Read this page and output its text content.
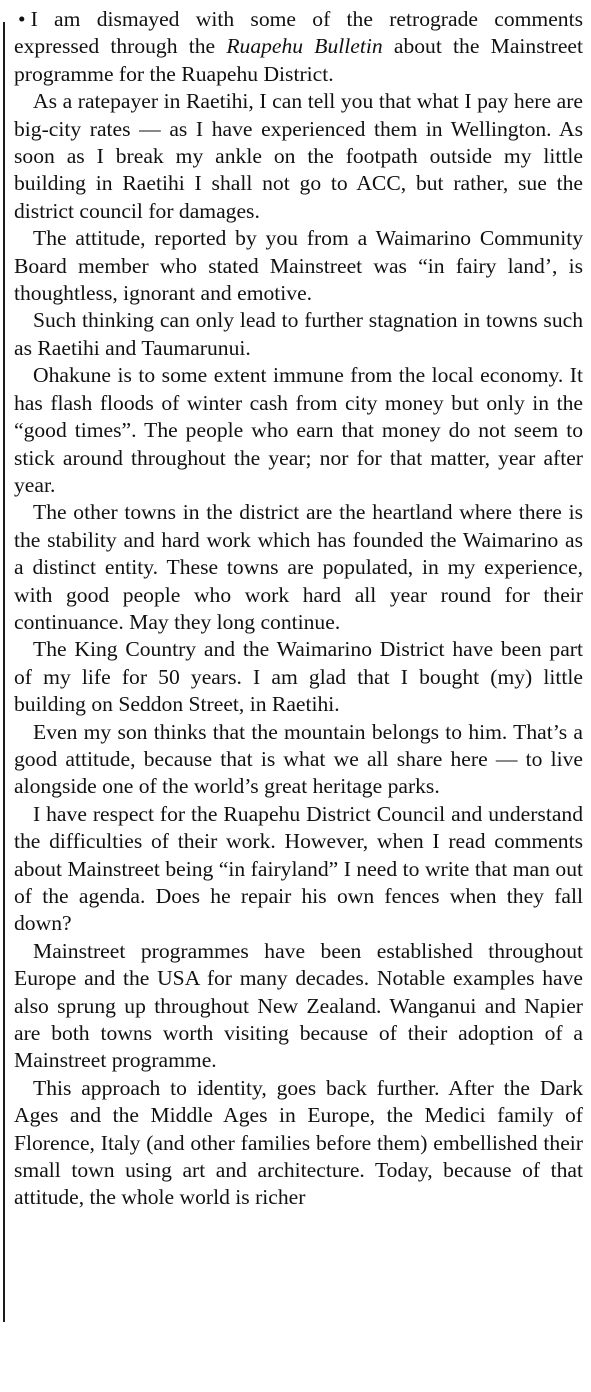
• I am dismayed with some of the retrograde comments expressed through the Ruapehu Bulletin about the Mainstreet programme for the Ruapehu District.

As a ratepayer in Raetihi, I can tell you that what I pay here are big-city rates — as I have experienced them in Wellington. As soon as I break my ankle on the footpath outside my little building in Raetihi I shall not go to ACC, but rather, sue the district council for damages.

The attitude, reported by you from a Waimarino Community Board member who stated Mainstreet was “in fairy land’, is thoughtless, ignorant and emotive.

Such thinking can only lead to further stagnation in towns such as Raetihi and Taumarunui.

Ohakune is to some extent immune from the local economy. It has flash floods of winter cash from city money but only in the “good times”. The people who earn that money do not seem to stick around throughout the year; nor for that matter, year after year.

The other towns in the district are the heartland where there is the stability and hard work which has founded the Waimarino as a distinct entity. These towns are populated, in my experience, with good people who work hard all year round for their continuance. May they long continue.

The King Country and the Waimarino District have been part of my life for 50 years. I am glad that I bought (my) little building on Seddon Street, in Raetihi.

Even my son thinks that the mountain belongs to him. That’s a good attitude, because that is what we all share here — to live alongside one of the world’s great heritage parks.

I have respect for the Ruapehu District Council and understand the difficulties of their work. However, when I read comments about Mainstreet being “in fairyland” I need to write that man out of the agenda. Does he repair his own fences when they fall down?

Mainstreet programmes have been established throughout Europe and the USA for many decades. Notable examples have also sprung up throughout New Zealand. Wanganui and Napier are both towns worth visiting because of their adoption of a Mainstreet programme.

This approach to identity, goes back further. After the Dark Ages and the Middle Ages in Europe, the Medici family of Florence, Italy (and other families before them) embellished their small town using art and architecture. Today, because of that attitude, the whole world is richer
